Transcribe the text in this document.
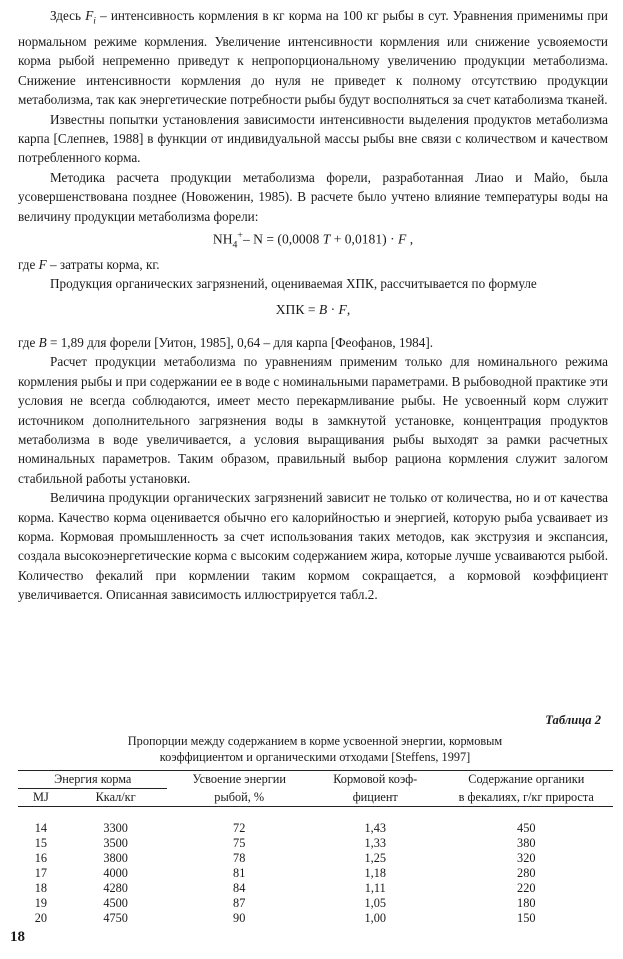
Здесь $F_i$ – интенсивность кормления в кг корма на 100 кг рыбы в сут. Уравнения применимы при нормальном режиме кормления. Увеличение интенсивности кормления или снижение усвояемости корма рыбой непременно приведут к непропорциональному увеличению продукции метаболизма. Снижение интенсивности кормления до нуля не приведет к полному отсутствию продукции метаболизма, так как энергетические потребности рыбы будут восполняться за счет катаболизма тканей.

Известны попытки установления зависимости интенсивности выделения продуктов метаболизма карпа [Слепнев, 1988] в функции от индивидуальной массы рыбы вне связи с количеством и качеством потребленного корма.

Методика расчета продукции метаболизма форели, разработанная Лиао и Майо, была усовершенствована позднее (Новоженин, 1985). В расчете было учтено влияние температуры воды на величину продукции метаболизма форели:

$NH_4^+-$ N = (0,0008 T + 0,0181) · F ,

где F – затраты корма, кг.

Продукция органических загрязнений, оцениваемая ХПК, рассчитывается по формуле

ХПК = B · F,

где B = 1,89 для форели [Уитон, 1985], 0,64 – для карпа [Феофанов, 1984].

Расчет продукции метаболизма по уравнениям применим только для номинального режима кормления рыбы и при содержании ее в воде с номинальными параметрами. В рыбоводной практике эти условия не всегда соблюдаются, имеет место перекармливание рыбы. Не усвоенный корм служит источником дополнительного загрязнения воды в замкнутой установке, концентрация продуктов метаболизма в воде увеличивается, а условия выращивания рыбы выходят за рамки расчетных номинальных параметров. Таким образом, правильный выбор рациона кормления служит залогом стабильной работы установки.

Величина продукции органических загрязнений зависит не только от количества, но и от качества корма. Качество корма оценивается обычно его калорийностью и энергией, которую рыба усваивает из корма. Кормовая промышленность за счет использования таких методов, как экструзия и экспансия, создала высокоэнергетические корма с высоким содержанием жира, которые лучше усваиваются рыбой. Количество фекалий при кормлении таким кормом сокращается, а кормовой коэффициент увеличивается. Описанная зависимость иллюстрируется табл.2.

Таблица 2
Пропорции между содержанием в корме усвоенной энергии, кормовым коэффициентом и органическими отходами [Steffens, 1997]
Энергия корма		Усвоение энергии	Кормовой коэф-	Содержание органики
MJ	Ккал/кг	рыбой, %	фициент	в фекалиях, г/кг прироста
14	3300	72	1,43	450
15	3500	75	1,33	380
16	3800	78	1,25	320
17	4000	81	1,18	280
18	4280	84	1,11	220
19	4500	87	1,05	180
20	4750	90	1,00	150
18
